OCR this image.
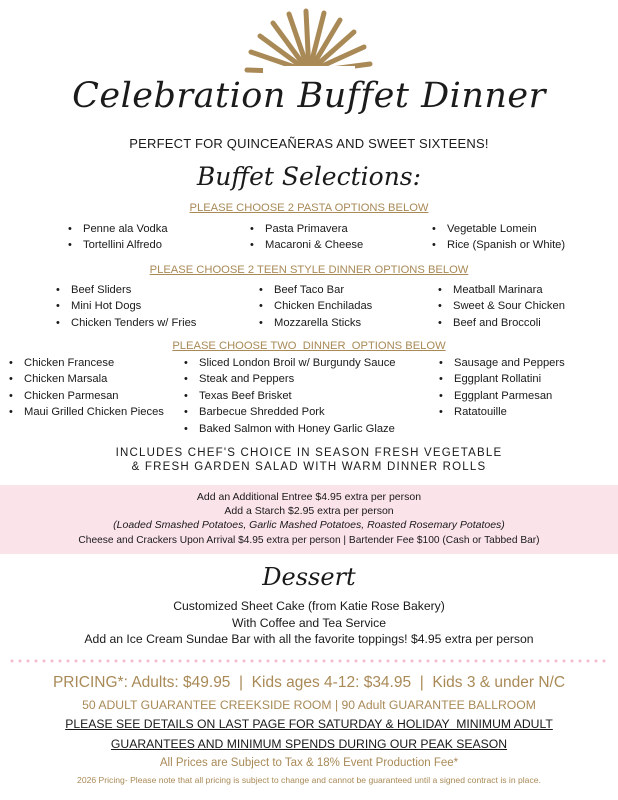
Celebration Buffet Dinner
PERFECT FOR QUINCEAÑERAS AND SWEET SIXTEENS!
Buffet Selections:
PLEASE CHOOSE 2 PASTA OPTIONS BELOW
• Penne ala Vodka
• Tortellini Alfredo
• Pasta Primavera
• Macaroni & Cheese
• Vegetable Lomein
• Rice (Spanish or White)
PLEASE CHOOSE 2 TEEN STYLE DINNER OPTIONS BELOW
• Beef Sliders
• Mini Hot Dogs
• Chicken Tenders w/ Fries
• Beef Taco Bar
• Chicken Enchiladas
• Mozzarella Sticks
• Meatball Marinara
• Sweet & Sour Chicken
• Beef and Broccoli
PLEASE CHOOSE TWO  DINNER  OPTIONS BELOW
• Chicken Francese
• Chicken Marsala
• Chicken Parmesan
• Maui Grilled Chicken Pieces
• Sliced London Broil w/ Burgundy Sauce
• Steak and Peppers
• Texas Beef Brisket
• Barbecue Shredded Pork
• Baked Salmon with Honey Garlic Glaze
• Sausage and Peppers
• Eggplant Rollatini
• Eggplant Parmesan
• Ratatouille
INCLUDES CHEF'S CHOICE IN SEASON FRESH VEGETABLE
& FRESH GARDEN SALAD WITH WARM DINNER ROLLS
Add an Additional Entree $4.95 extra per person
Add a Starch $2.95 extra per person
(Loaded Smashed Potatoes, Garlic Mashed Potatoes, Roasted Rosemary Potatoes)
Cheese and Crackers Upon Arrival $4.95 extra per person | Bartender Fee $100 (Cash or Tabbed Bar)
Dessert
Customized Sheet Cake (from Katie Rose Bakery)
With Coffee and Tea Service
Add an Ice Cream Sundae Bar with all the favorite toppings! $4.95 extra per person
PRICING*: Adults: $49.95  |  Kids ages 4-12: $34.95  |  Kids 3 & under N/C
50 ADULT GUARANTEE CREEKSIDE ROOM | 90 Adult GUARANTEE BALLROOM
PLEASE SEE DETAILS ON LAST PAGE FOR SATURDAY & HOLIDAY  MINIMUM ADULT
GUARANTEES AND MINIMUM SPENDS DURING OUR PEAK SEASON
All Prices are Subject to Tax & 18% Event Production Fee*
2026 Pricing- Please note that all pricing is subject to change and cannot be guaranteed until a signed contract is in place.
